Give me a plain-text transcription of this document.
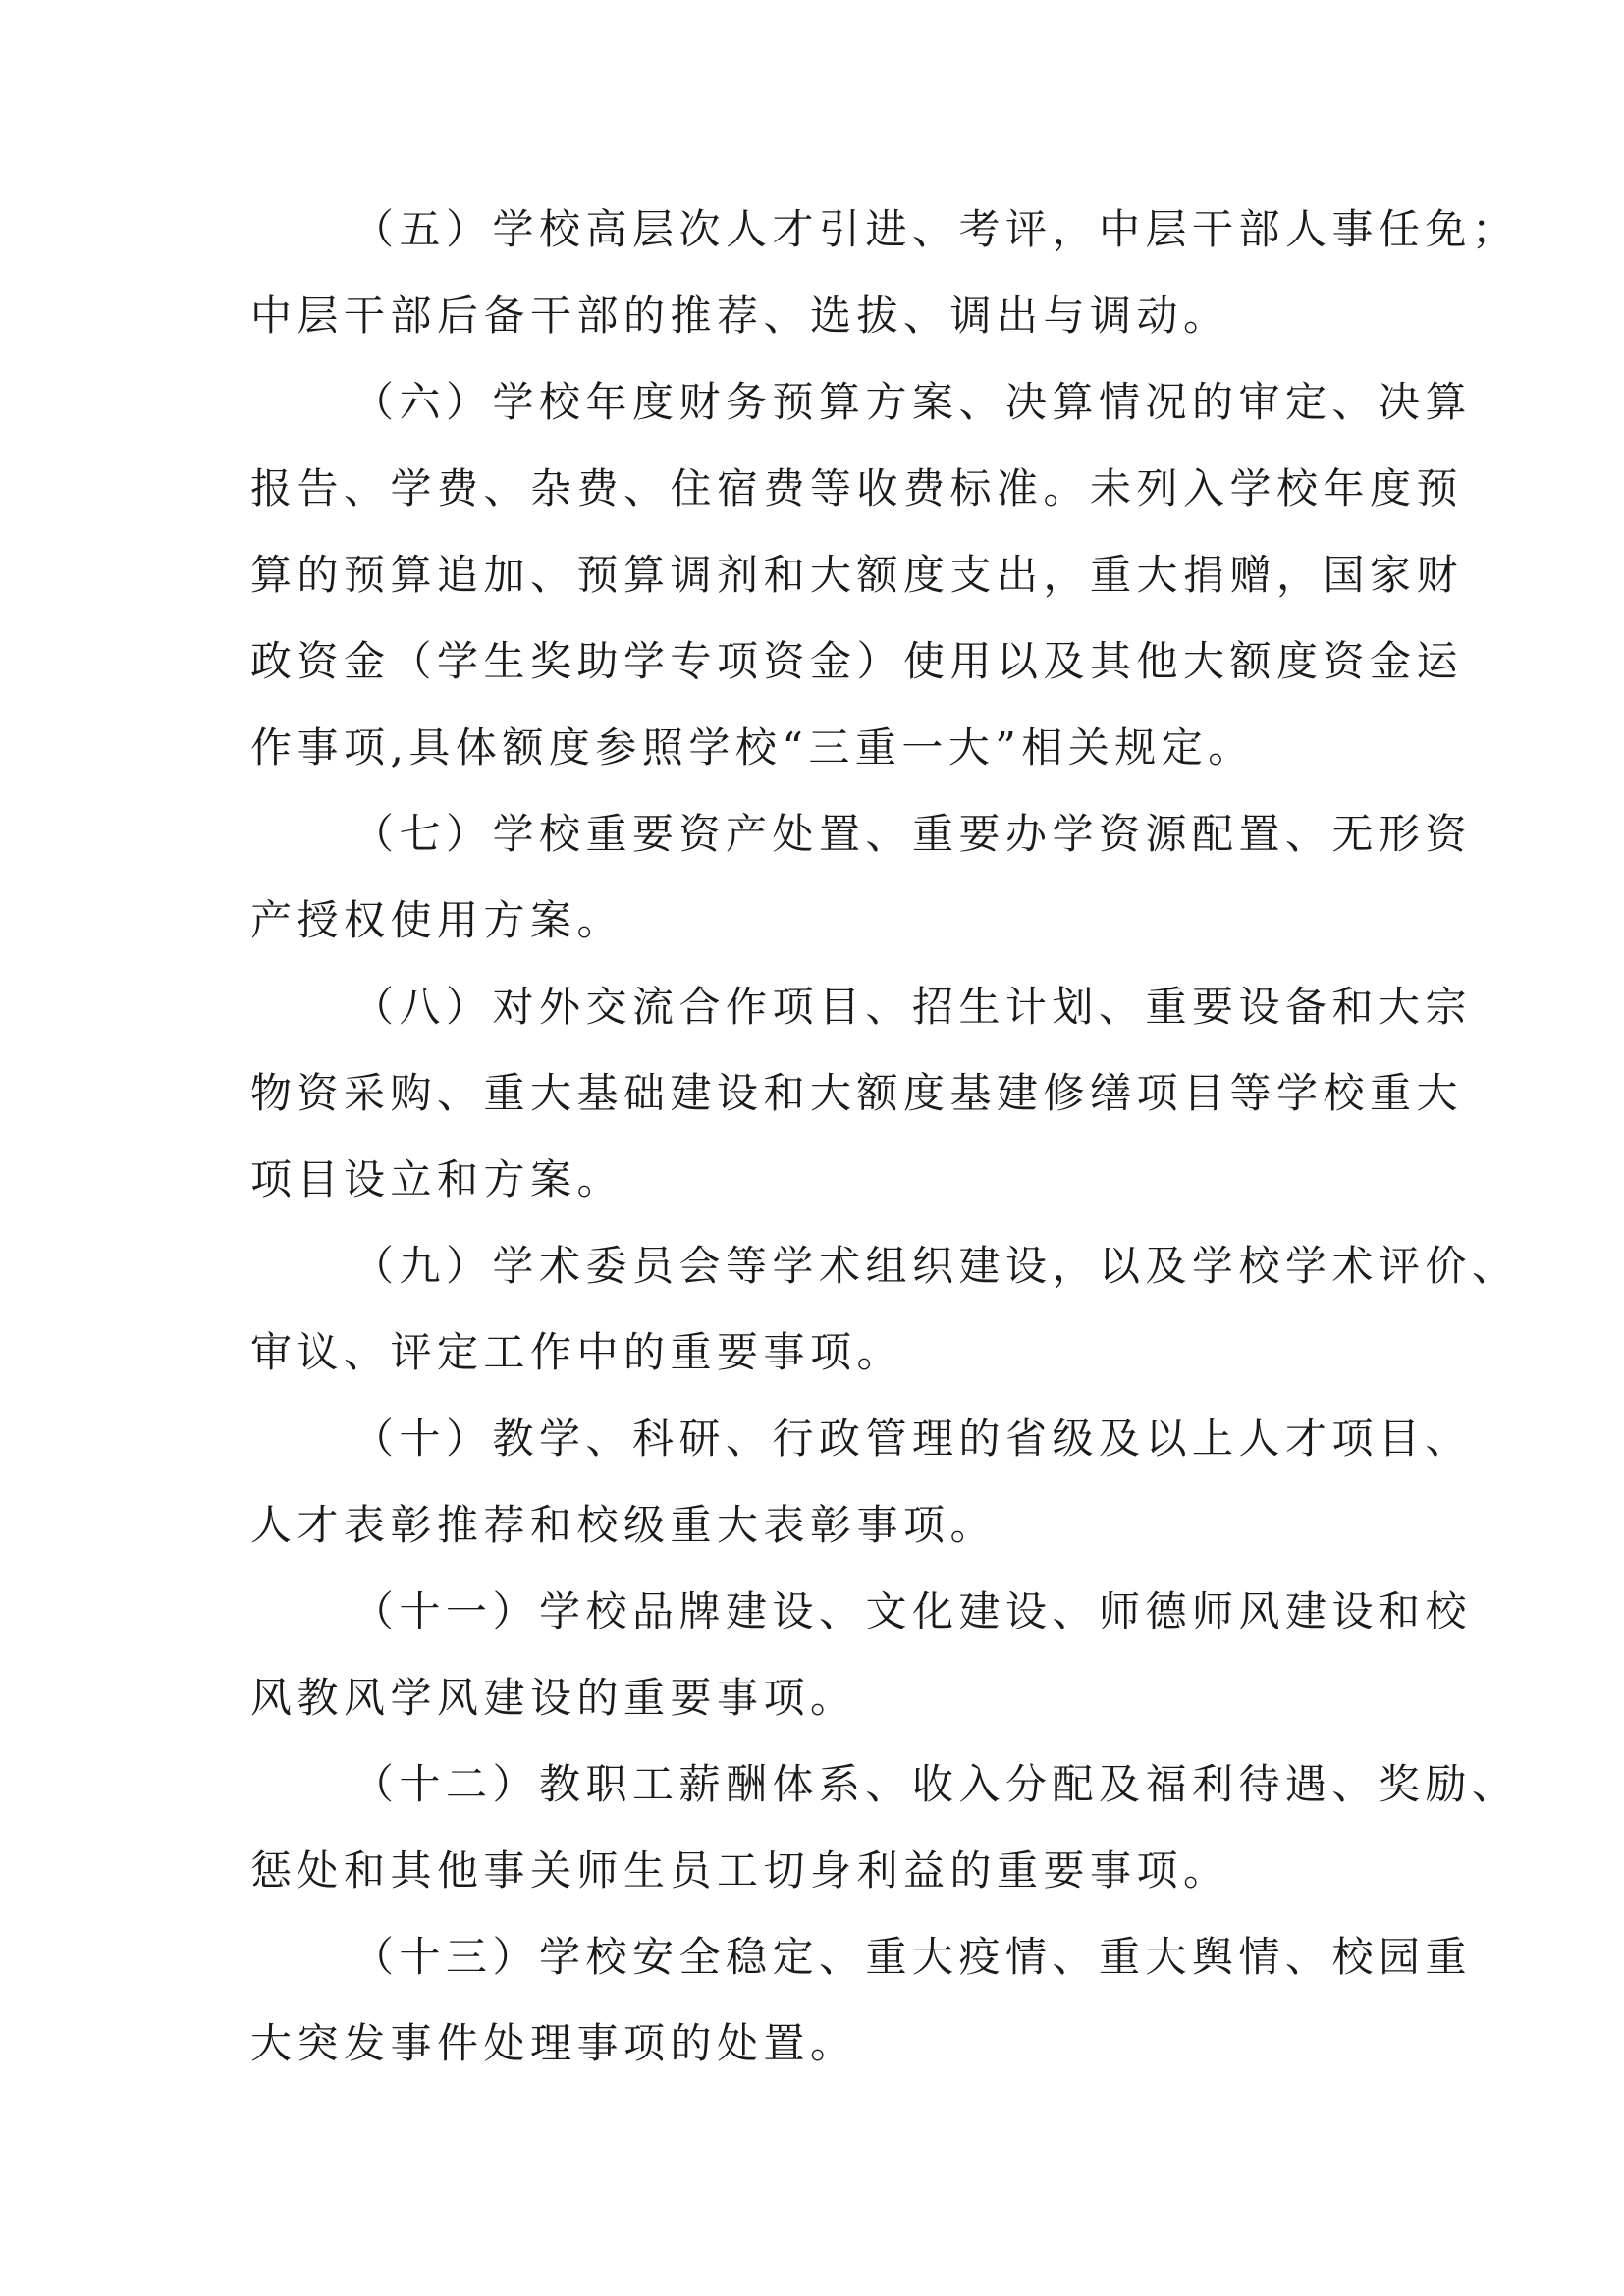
（五）学校高层次人才引进、考评，中层干部人事任免；
中层干部后备干部的推荐、选拔、调出与调动。

（六）学校年度财务预算方案、决算情况的审定、决算
报告、学费、杂费、住宿费等收费标准。未列入学校年度预
算的预算追加、预算调剂和大额度支出，重大捐赠，国家财
政资金（学生奖助学专项资金）使用以及其他大额度资金运
作事项,具体额度参照学校“三重一大”相关规定。

（七）学校重要资产处置、重要办学资源配置、无形资
产授权使用方案。

（八）对外交流合作项目、招生计划、重要设备和大宗
物资采购、重大基础建设和大额度基建修缮项目等学校重大
项目设立和方案。

（九）学术委员会等学术组织建设，以及学校学术评价、
审议、评定工作中的重要事项。

（十）教学、科研、行政管理的省级及以上人才项目、
人才表彰推荐和校级重大表彰事项。

（十一）学校品牌建设、文化建设、师德师风建设和校
风教风学风建设的重要事项。

（十二）教职工薪酬体系、收入分配及福利待遇、奖励、
惩处和其他事关师生员工切身利益的重要事项。

（十三）学校安全稳定、重大疫情、重大舆情、校园重
大突发事件处理事项的处置。
